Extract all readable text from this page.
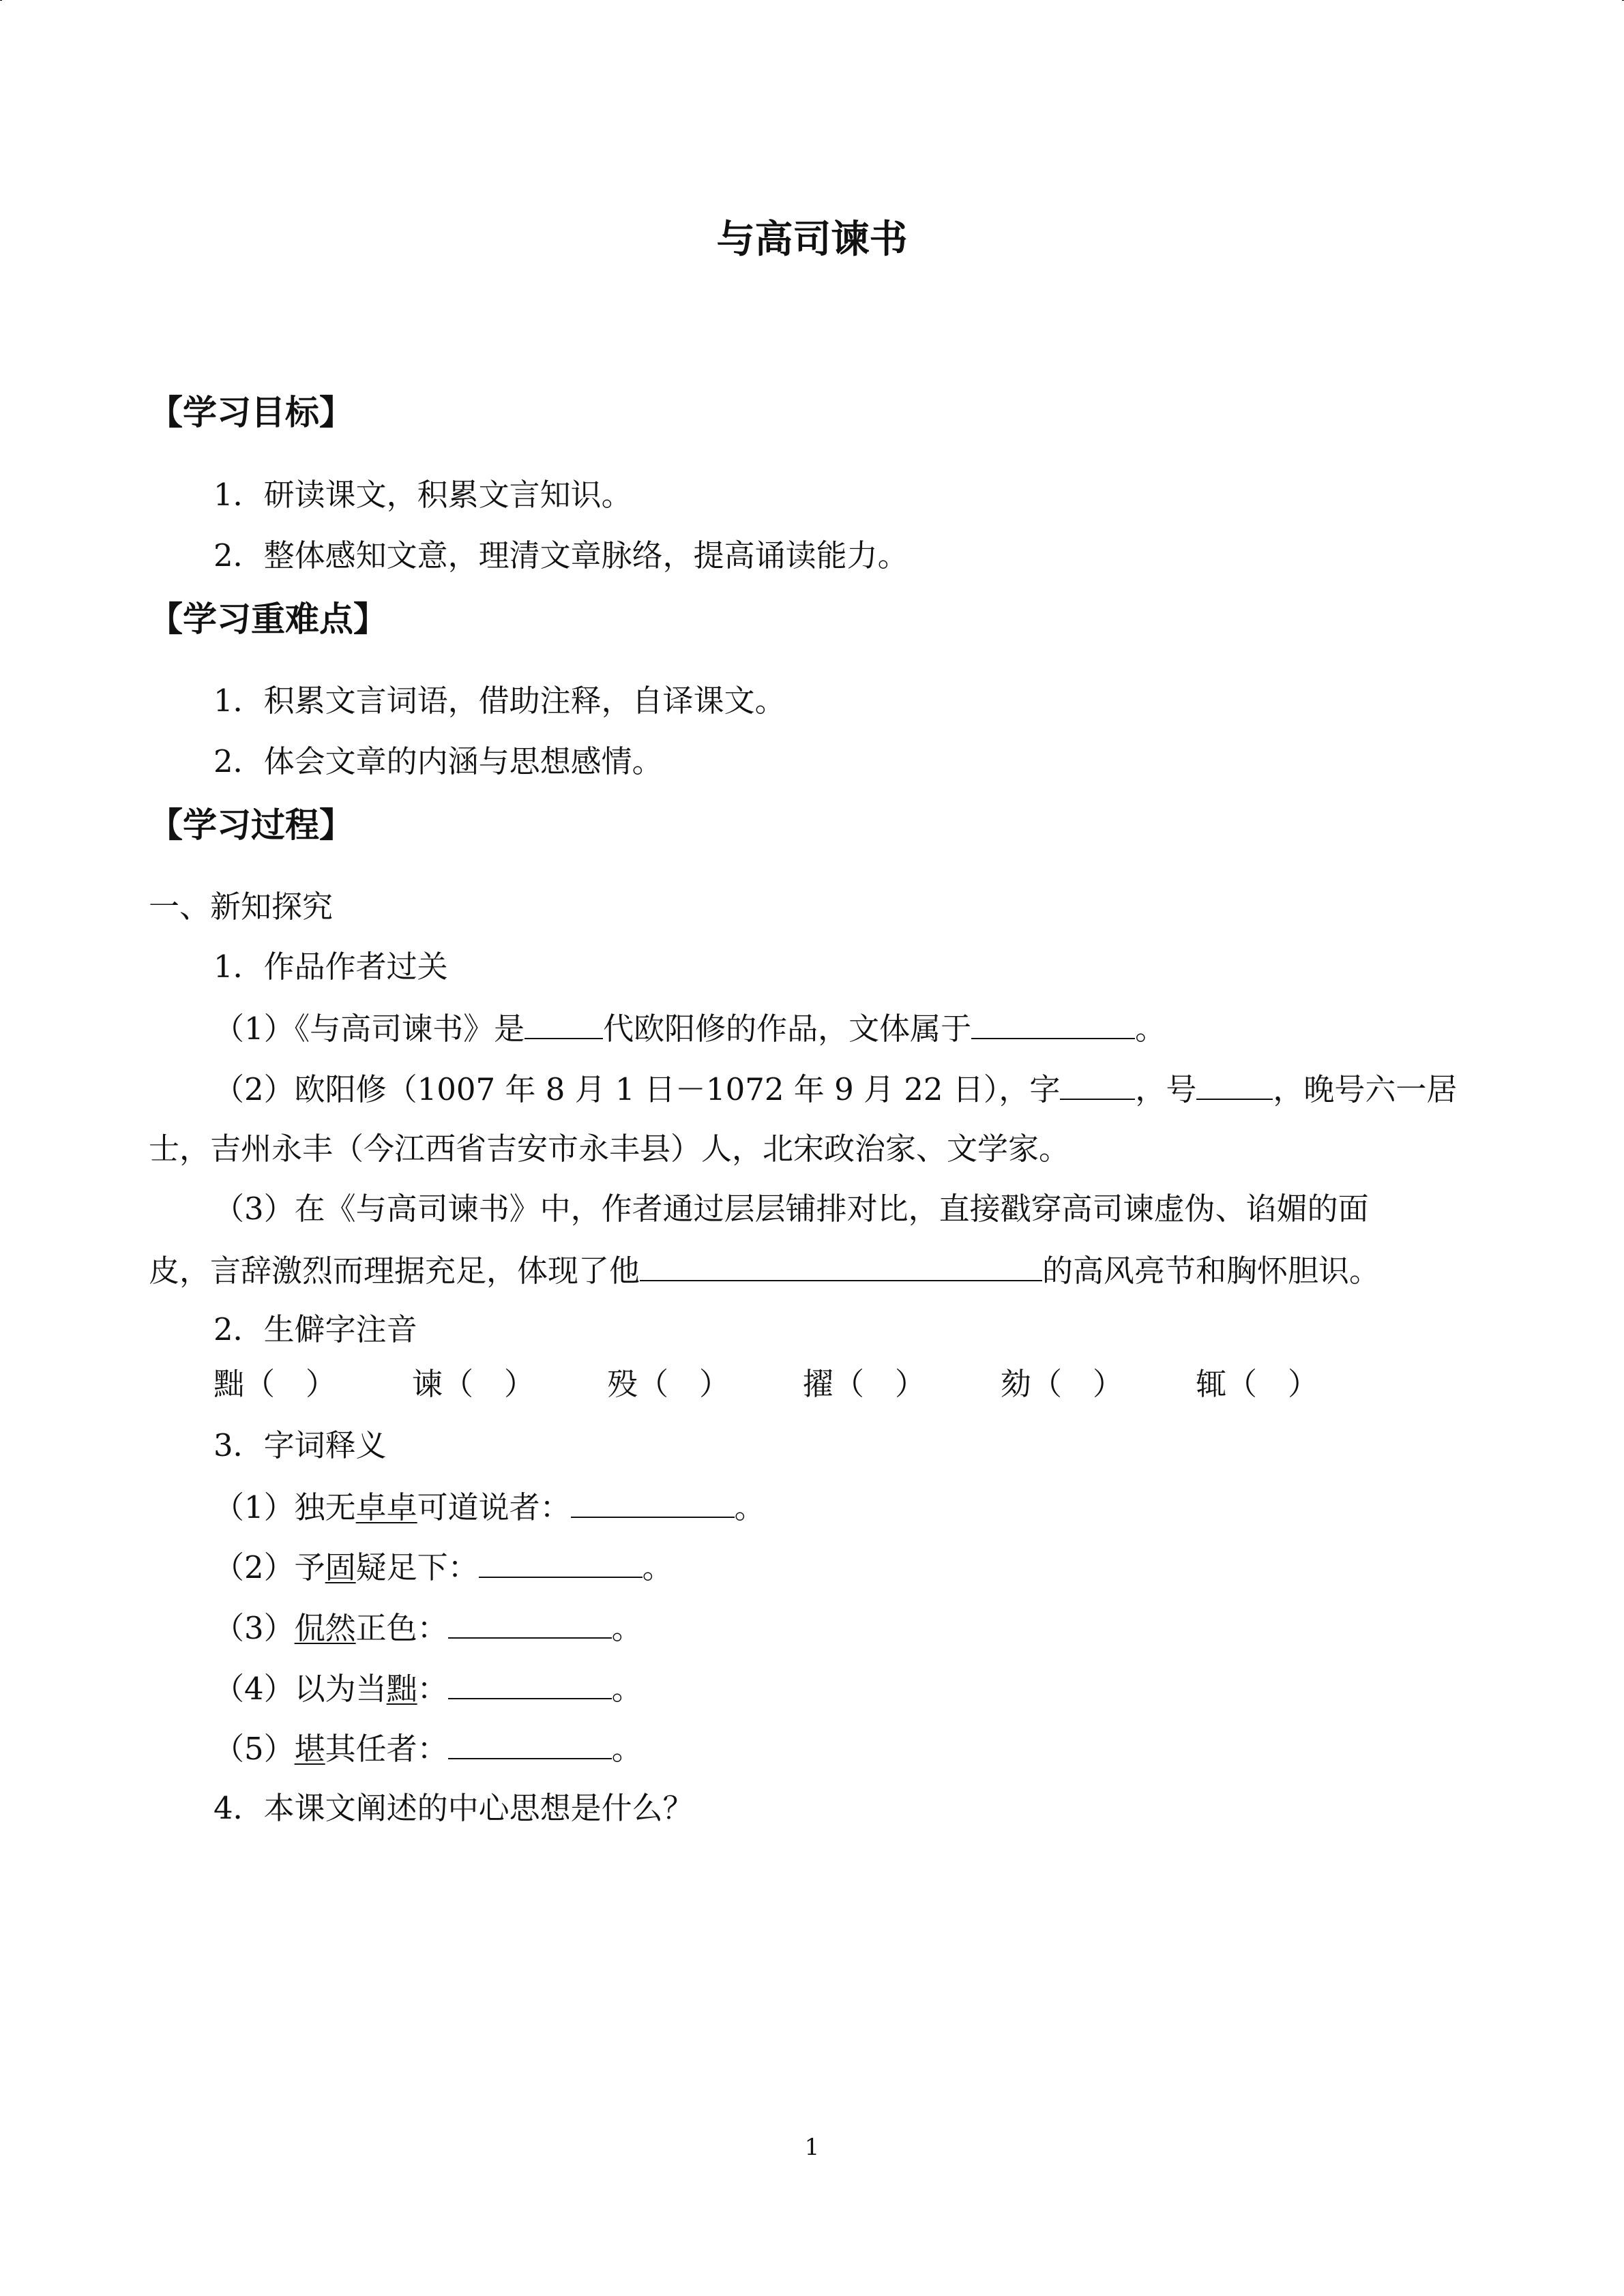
与高司谏书
【学习目标】
1．研读课文，积累文言知识。
2．整体感知文意，理清文章脉络，提高诵读能力。
【学习重难点】
1．积累文言词语，借助注释，自译课文。
2．体会文章的内涵与思想感情。
【学习过程】
一、新知探究
1．作品作者过关
（1）《与高司谏书》是	代欧阳修的作品，文体属于	。
（2）欧阳修（1007 年 8 月 1 日－1072 年 9 月 22 日），字 ，号 ，晚号六一居
士，吉州永丰（今江西省吉安市永丰县）人，北宋政治家、文学家。
（3）在《与高司谏书》中，作者通过层层铺排对比，直接戳穿高司谏虚伪、谄媚的面
皮，言辞激烈而理据充足，体现了他	的高风亮节和胸怀胆识。
2．生僻字注音
黜（　） 谏（　） 殁（　） 擢（　） 劾（　） 辄（　）
3．字词释义
（1）独无卓卓可道说者：	。
（2）予固疑足下：	。
（3）侃然正色：	。
（4）以为当黜：	。
（5）堪其任者：	。
4．本课文阐述的中心思想是什么？
1
